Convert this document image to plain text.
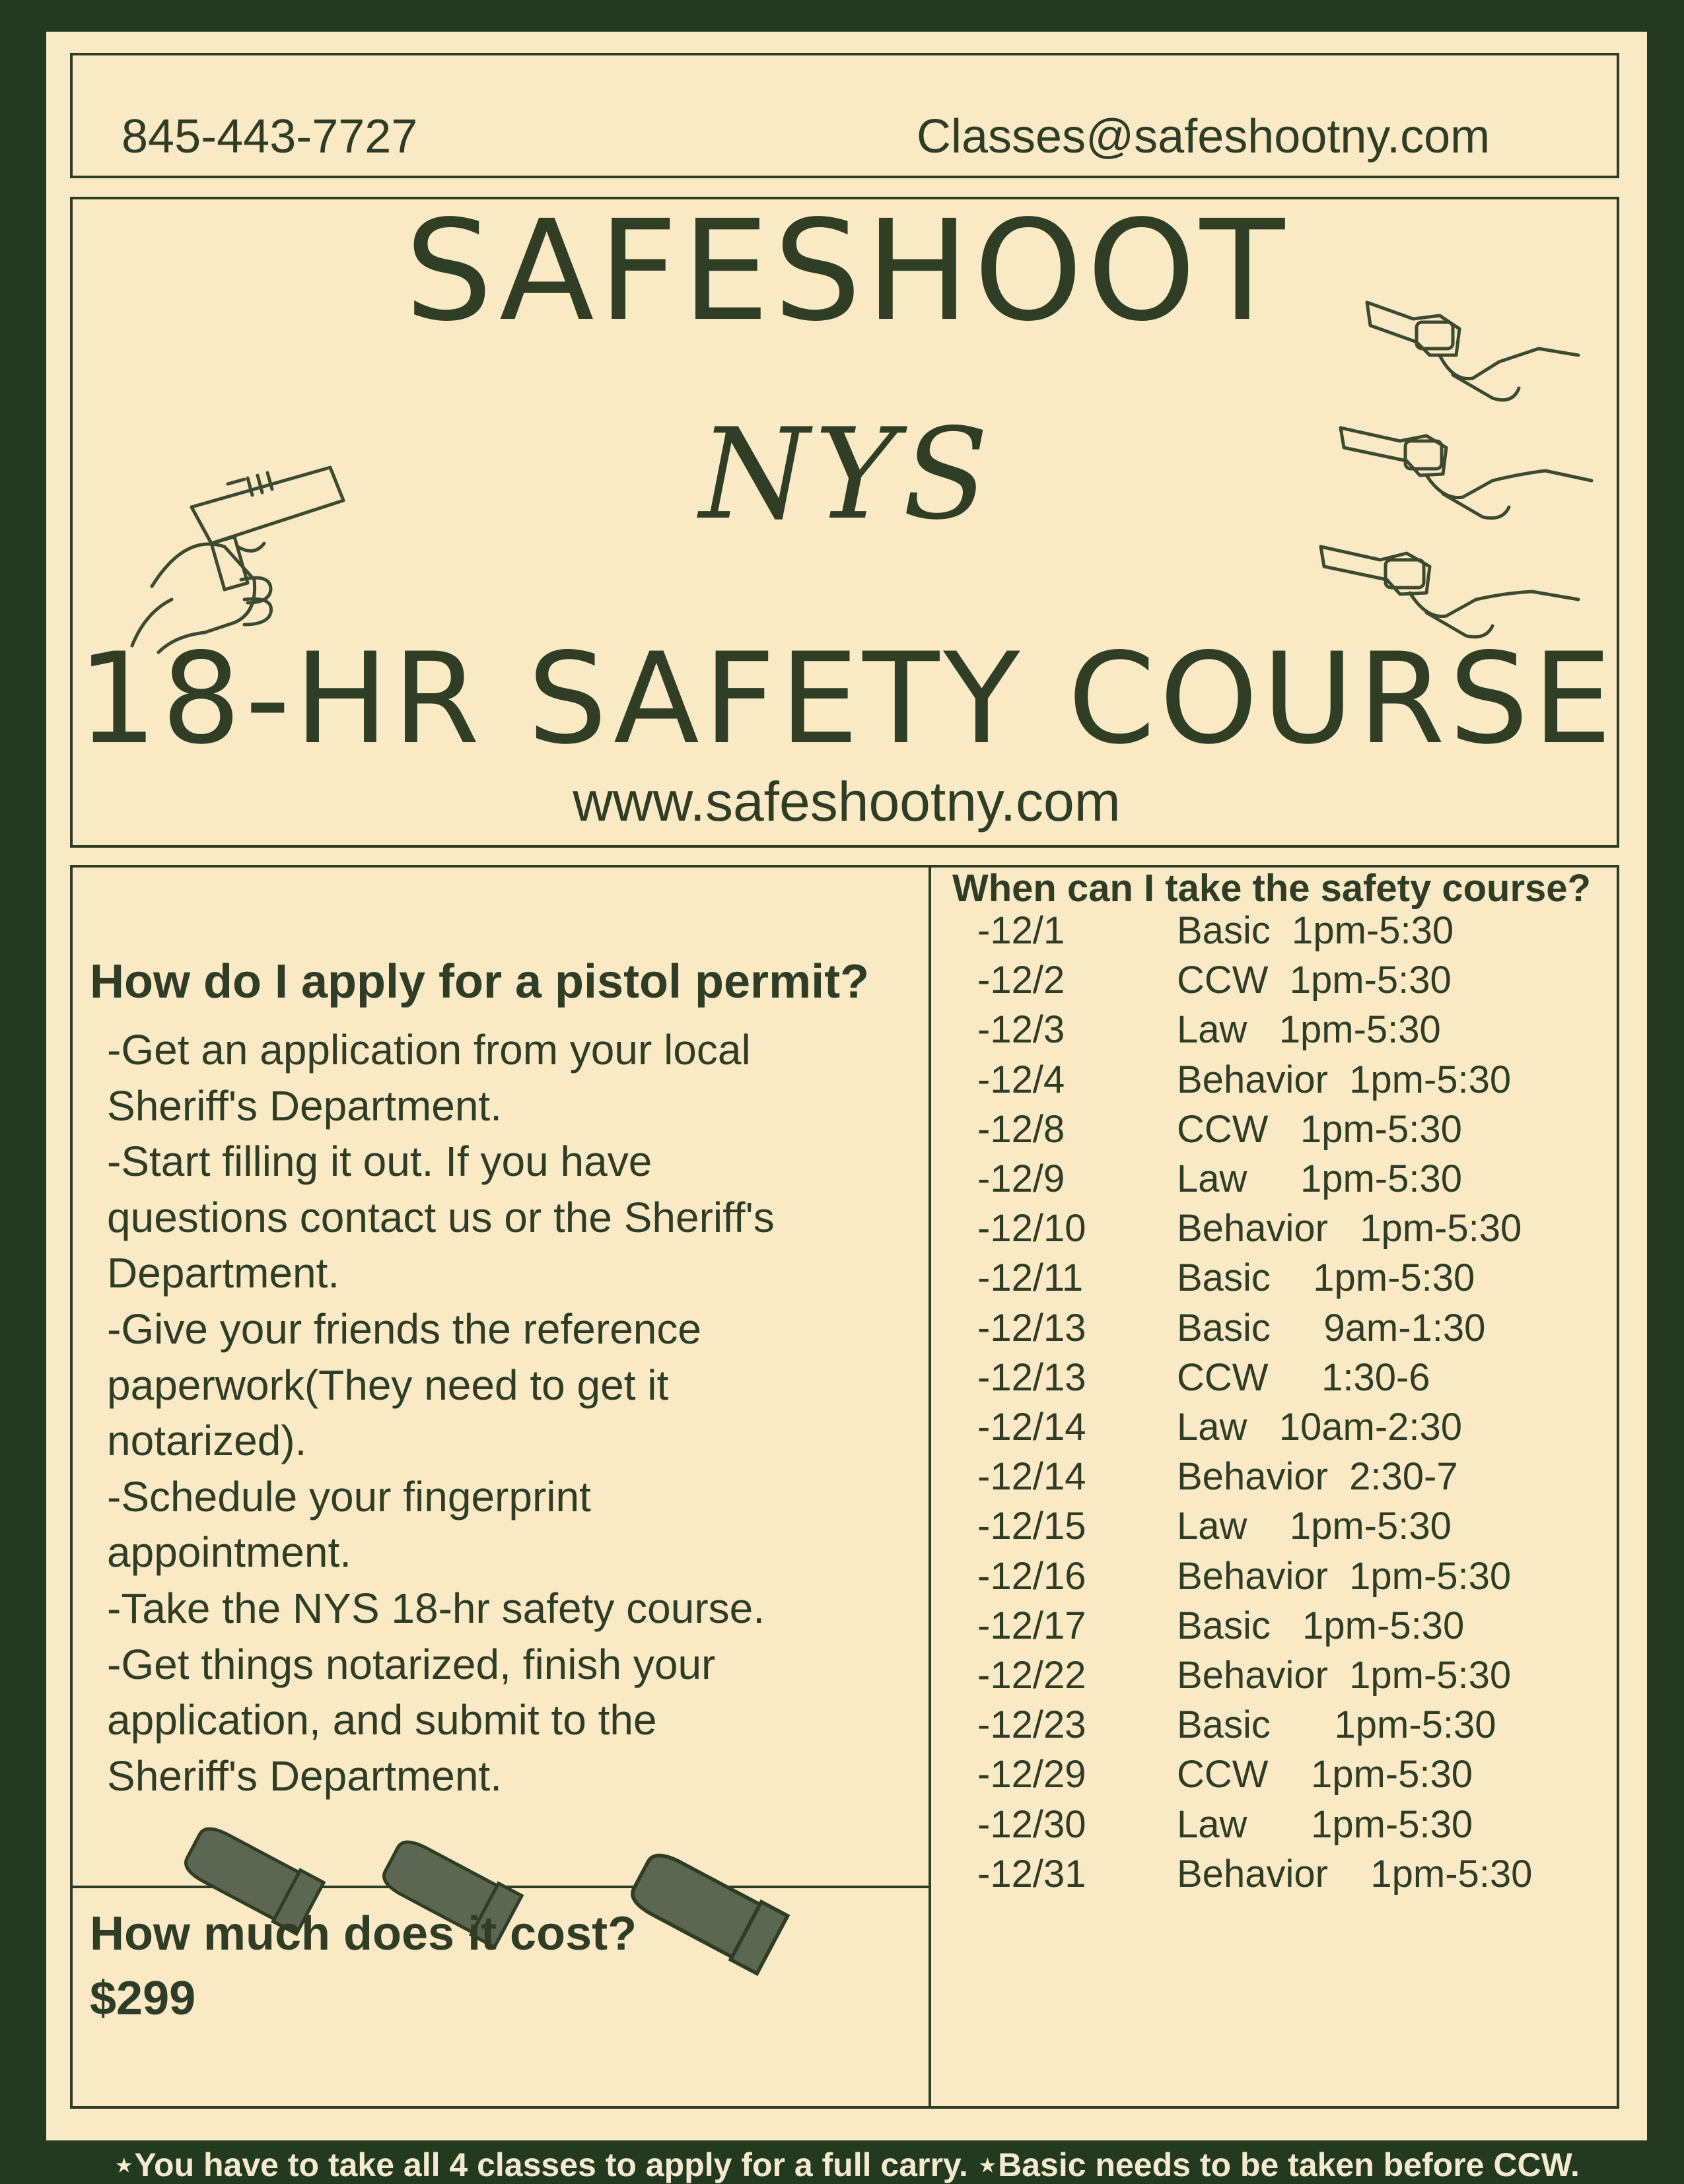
845-443-7727	Classes@safeshootny.com
SAFESHOOT
NYS
18-HR SAFETY COURSE
www.safeshootny.com
How do I apply for a pistol permit?

-Get an application from your local

Sheriff's Department.

-Start filling it out. If you have

questions contact us or the Sheriff's

Department.

-Give your friends the reference

paperwork(They need to get it

notarized).

-Schedule your fingerprint

appointment.

-Take the NYS 18-hr safety course.

-Get things notarized, finish your

application, and submit to the

Sheriff's Department.

How much does it cost?
$299
When can I take the safety course?
-12/1	Basic  1pm-5:30
-12/2	CCW  1pm-5:30
-12/3	Law   1pm-5:30
-12/4	Behavior  1pm-5:30
-12/8	CCW   1pm-5:30
-12/9	Law     1pm-5:30
-12/10 Behavior   1pm-5:30
-12/11 Basic    1pm-5:30
-12/13 Basic     9am-1:30
-12/13 CCW     1:30-6
-12/14 Law   10am-2:30
-12/14 Behavior  2:30-7
-12/15 Law    1pm-5:30
-12/16 Behavior  1pm-5:30
-12/17 Basic   1pm-5:30
-12/22 Behavior  1pm-5:30
-12/23 Basic      1pm-5:30
-12/29 CCW    1pm-5:30
-12/30 Law      1pm-5:30
-12/31 Behavior    1pm-5:30
⋆You have to take all 4 classes to apply for a full carry. ⋆Basic needs to be taken before CCW.
